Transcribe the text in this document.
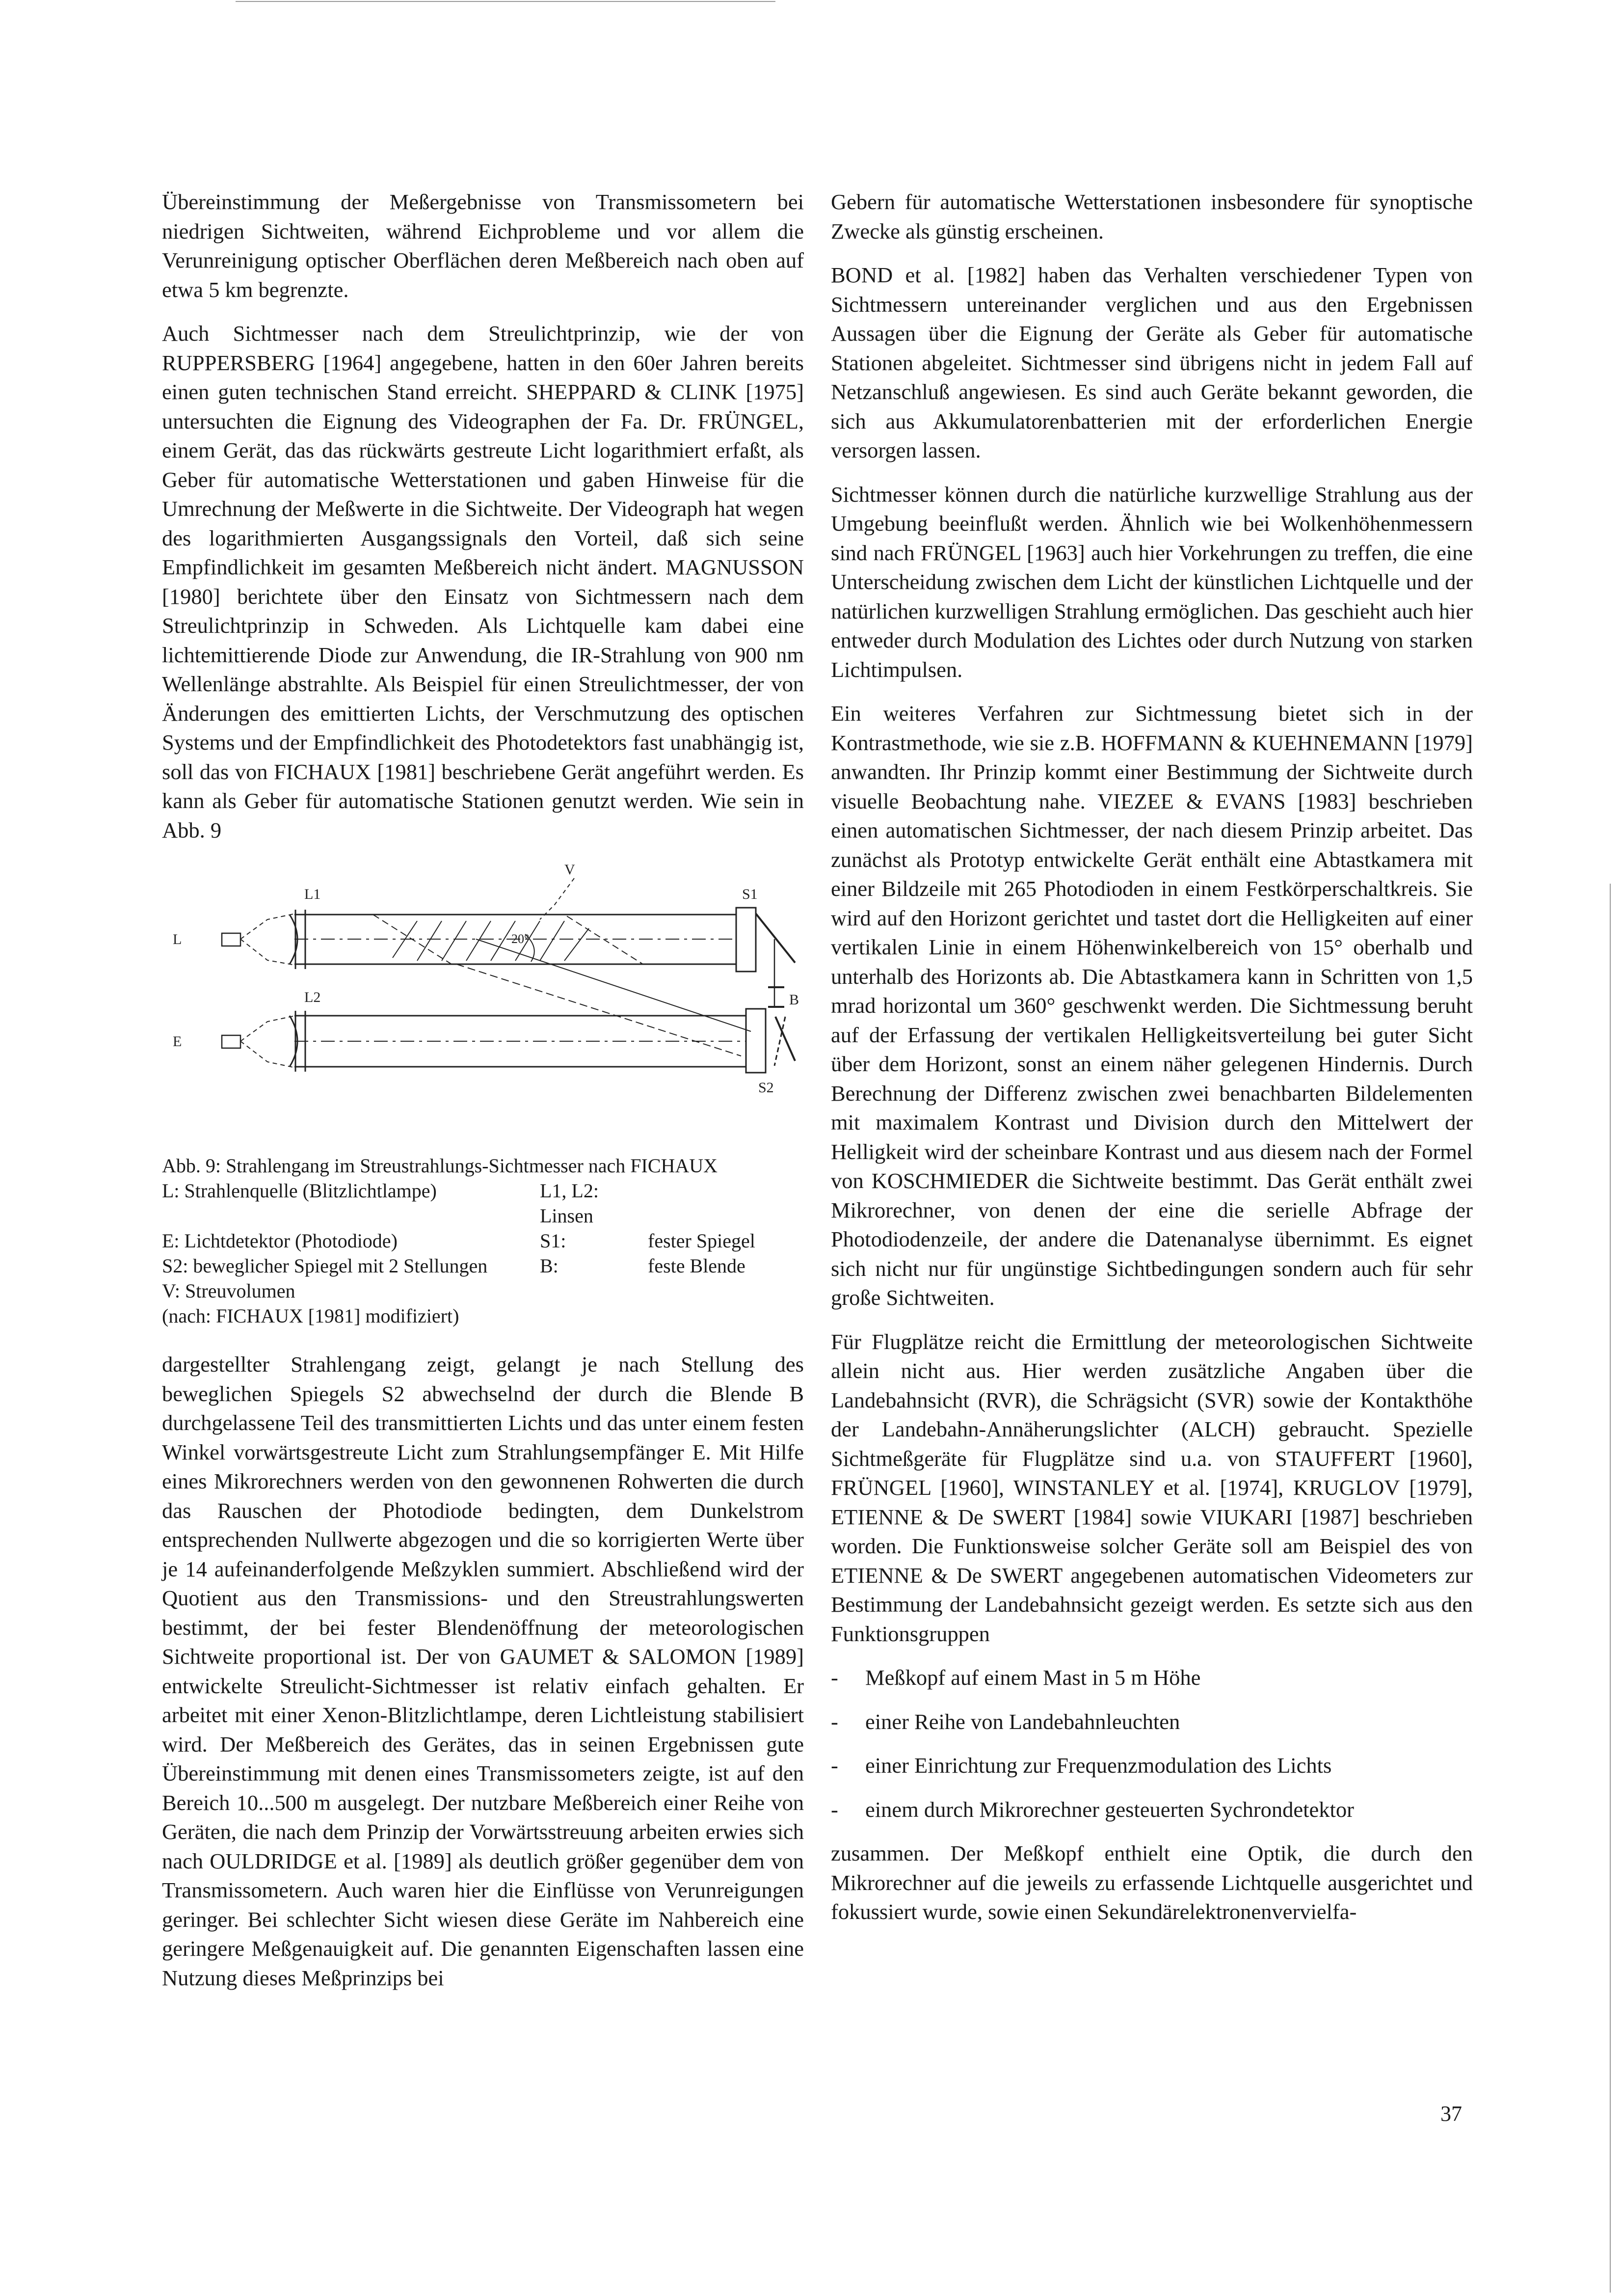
Übereinstimmung der Meßergebnisse von Transmissometern bei niedrigen Sichtweiten, während Eichprobleme und vor allem die Verunreinigung optischer Oberflächen deren Meßbereich nach oben auf etwa 5 km begrenzte.

Auch Sichtmesser nach dem Streulichtprinzip, wie der von RUPPERSBERG [1964] angegebene, hatten in den 60er Jahren bereits einen guten technischen Stand erreicht. SHEPPARD & CLINK [1975] untersuchten die Eignung des Videographen der Fa. Dr. FRÜNGEL, einem Gerät, das das rückwärts gestreute Licht logarithmiert erfaßt, als Geber für automatische Wetterstationen und gaben Hinweise für die Umrechnung der Meßwerte in die Sichtweite. Der Videograph hat wegen des logarithmierten Ausgangssignals den Vorteil, daß sich seine Empfindlichkeit im gesamten Meßbereich nicht ändert. MAGNUSSON [1980] berichtete über den Einsatz von Sichtmessern nach dem Streulichtprinzip in Schweden. Als Lichtquelle kam dabei eine lichtemittierende Diode zur Anwendung, die IR-Strahlung von 900 nm Wellenlänge abstrahlte. Als Beispiel für einen Streulichtmesser, der von Änderungen des emittierten Lichts, der Verschmutzung des optischen Systems und der Empfindlichkeit des Photodetektors fast unabhängig ist, soll das von FICHAUX [1981] beschriebene Gerät angeführt werden. Es kann als Geber für automatische Stationen genutzt werden. Wie sein in Abb. 9

L1
L2
L
E
S1
S2
B
V
20°
Abb. 9: Strahlengang im Streustrahlungs-Sichtmesser nach FICHAUX
L: Strahlenquelle (Blitzlichtlampe)	L1, L2: Linsen
E: Lichtdetektor (Photodiode)	S1:	fester Spiegel
S2: beweglicher Spiegel mit 2 Stellungen	B:	feste Blende
V: Streuvolumen
(nach: FICHAUX [1981] modifiziert)

dargestellter Strahlengang zeigt, gelangt je nach Stellung des beweglichen Spiegels S2 abwechselnd der durch die Blende B durchgelassene Teil des transmittierten Lichts und das unter einem festen Winkel vorwärtsgestreute Licht zum Strahlungsempfänger E. Mit Hilfe eines Mikrorechners werden von den gewonnenen Rohwerten die durch das Rauschen der Photodiode bedingten, dem Dunkelstrom entsprechenden Nullwerte abgezogen und die so korrigierten Werte über je 14 aufeinanderfolgende Meßzyklen summiert. Abschließend wird der Quotient aus den Transmissions- und den Streustrahlungswerten bestimmt, der bei fester Blendenöffnung der meteorologischen Sichtweite proportional ist. Der von GAUMET & SALOMON [1989] entwickelte Streulicht-Sichtmesser ist relativ einfach gehalten. Er arbeitet mit einer Xenon-Blitzlichtlampe, deren Lichtleistung stabilisiert wird. Der Meßbereich des Gerätes, das in seinen Ergebnissen gute Übereinstimmung mit denen eines Transmissometers zeigte, ist auf den Bereich 10...500 m ausgelegt. Der nutzbare Meßbereich einer Reihe von Geräten, die nach dem Prinzip der Vorwärtsstreuung arbeiten erwies sich nach OULDRIDGE et al. [1989] als deutlich größer gegenüber dem von Transmissometern. Auch waren hier die Einflüsse von Verunreigungen geringer. Bei schlechter Sicht wiesen diese Geräte im Nahbereich eine geringere Meßgenauigkeit auf. Die genannten Eigenschaften lassen eine Nutzung dieses Meßprinzips bei

Gebern für automatische Wetterstationen insbesondere für synoptische Zwecke als günstig erscheinen.

BOND et al. [1982] haben das Verhalten verschiedener Typen von Sichtmessern untereinander verglichen und aus den Ergebnissen Aussagen über die Eignung der Geräte als Geber für automatische Stationen abgeleitet. Sichtmesser sind übrigens nicht in jedem Fall auf Netzanschluß angewiesen. Es sind auch Geräte bekannt geworden, die sich aus Akkumulatorenbatterien mit der erforderlichen Energie versorgen lassen.

Sichtmesser können durch die natürliche kurzwellige Strahlung aus der Umgebung beeinflußt werden. Ähnlich wie bei Wolkenhöhenmessern sind nach FRÜNGEL [1963] auch hier Vorkehrungen zu treffen, die eine Unterscheidung zwischen dem Licht der künstlichen Lichtquelle und der natürlichen kurzwelligen Strahlung ermöglichen. Das geschieht auch hier entweder durch Modulation des Lichtes oder durch Nutzung von starken Lichtimpulsen.

Ein weiteres Verfahren zur Sichtmessung bietet sich in der Kontrastmethode, wie sie z.B. HOFFMANN & KUEHNEMANN [1979] anwandten. Ihr Prinzip kommt einer Bestimmung der Sichtweite durch visuelle Beobachtung nahe. VIEZEE & EVANS [1983] beschrieben einen automatischen Sichtmesser, der nach diesem Prinzip arbeitet. Das zunächst als Prototyp entwickelte Gerät enthält eine Abtastkamera mit einer Bildzeile mit 265 Photodioden in einem Festkörperschaltkreis. Sie wird auf den Horizont gerichtet und tastet dort die Helligkeiten auf einer vertikalen Linie in einem Höhenwinkelbereich von 15° oberhalb und unterhalb des Horizonts ab. Die Abtastkamera kann in Schritten von 1,5 mrad horizontal um 360° geschwenkt werden. Die Sichtmessung beruht auf der Erfassung der vertikalen Helligkeitsverteilung bei guter Sicht über dem Horizont, sonst an einem näher gelegenen Hindernis. Durch Berechnung der Differenz zwischen zwei benachbarten Bildelementen mit maximalem Kontrast und Division durch den Mittelwert der Helligkeit wird der scheinbare Kontrast und aus diesem nach der Formel von KOSCHMIEDER die Sichtweite bestimmt. Das Gerät enthält zwei Mikrorechner, von denen der eine die serielle Abfrage der Photodiodenzeile, der andere die Datenanalyse übernimmt. Es eignet sich nicht nur für ungünstige Sichtbedingungen sondern auch für sehr große Sichtweiten.

Für Flugplätze reicht die Ermittlung der meteorologischen Sichtweite allein nicht aus. Hier werden zusätzliche Angaben über die Landebahnsicht (RVR), die Schrägsicht (SVR) sowie der Kontakthöhe der Landebahn-Annäherungslichter (ALCH) gebraucht. Spezielle Sichtmeßgeräte für Flugplätze sind u.a. von STAUFFERT [1960], FRÜNGEL [1960], WINSTANLEY et al. [1974], KRUGLOV [1979], ETIENNE & De SWERT [1984] sowie VIUKARI [1987] beschrieben worden. Die Funktionsweise solcher Geräte soll am Beispiel des von ETIENNE & De SWERT angegebenen automatischen Videometers zur Bestimmung der Landebahnsicht gezeigt werden. Es setzte sich aus den Funktionsgruppen

- Meßkopf auf einem Mast in 5 m Höhe
- einer Reihe von Landebahnleuchten
- einer Einrichtung zur Frequenzmodulation des Lichts
- einem durch Mikrorechner gesteuerten Sychrondetektor

zusammen. Der Meßkopf enthielt eine Optik, die durch den Mikrorechner auf die jeweils zu erfassende Lichtquelle ausgerichtet und fokussiert wurde, sowie einen Sekundärelektronenvervielfa-

37
